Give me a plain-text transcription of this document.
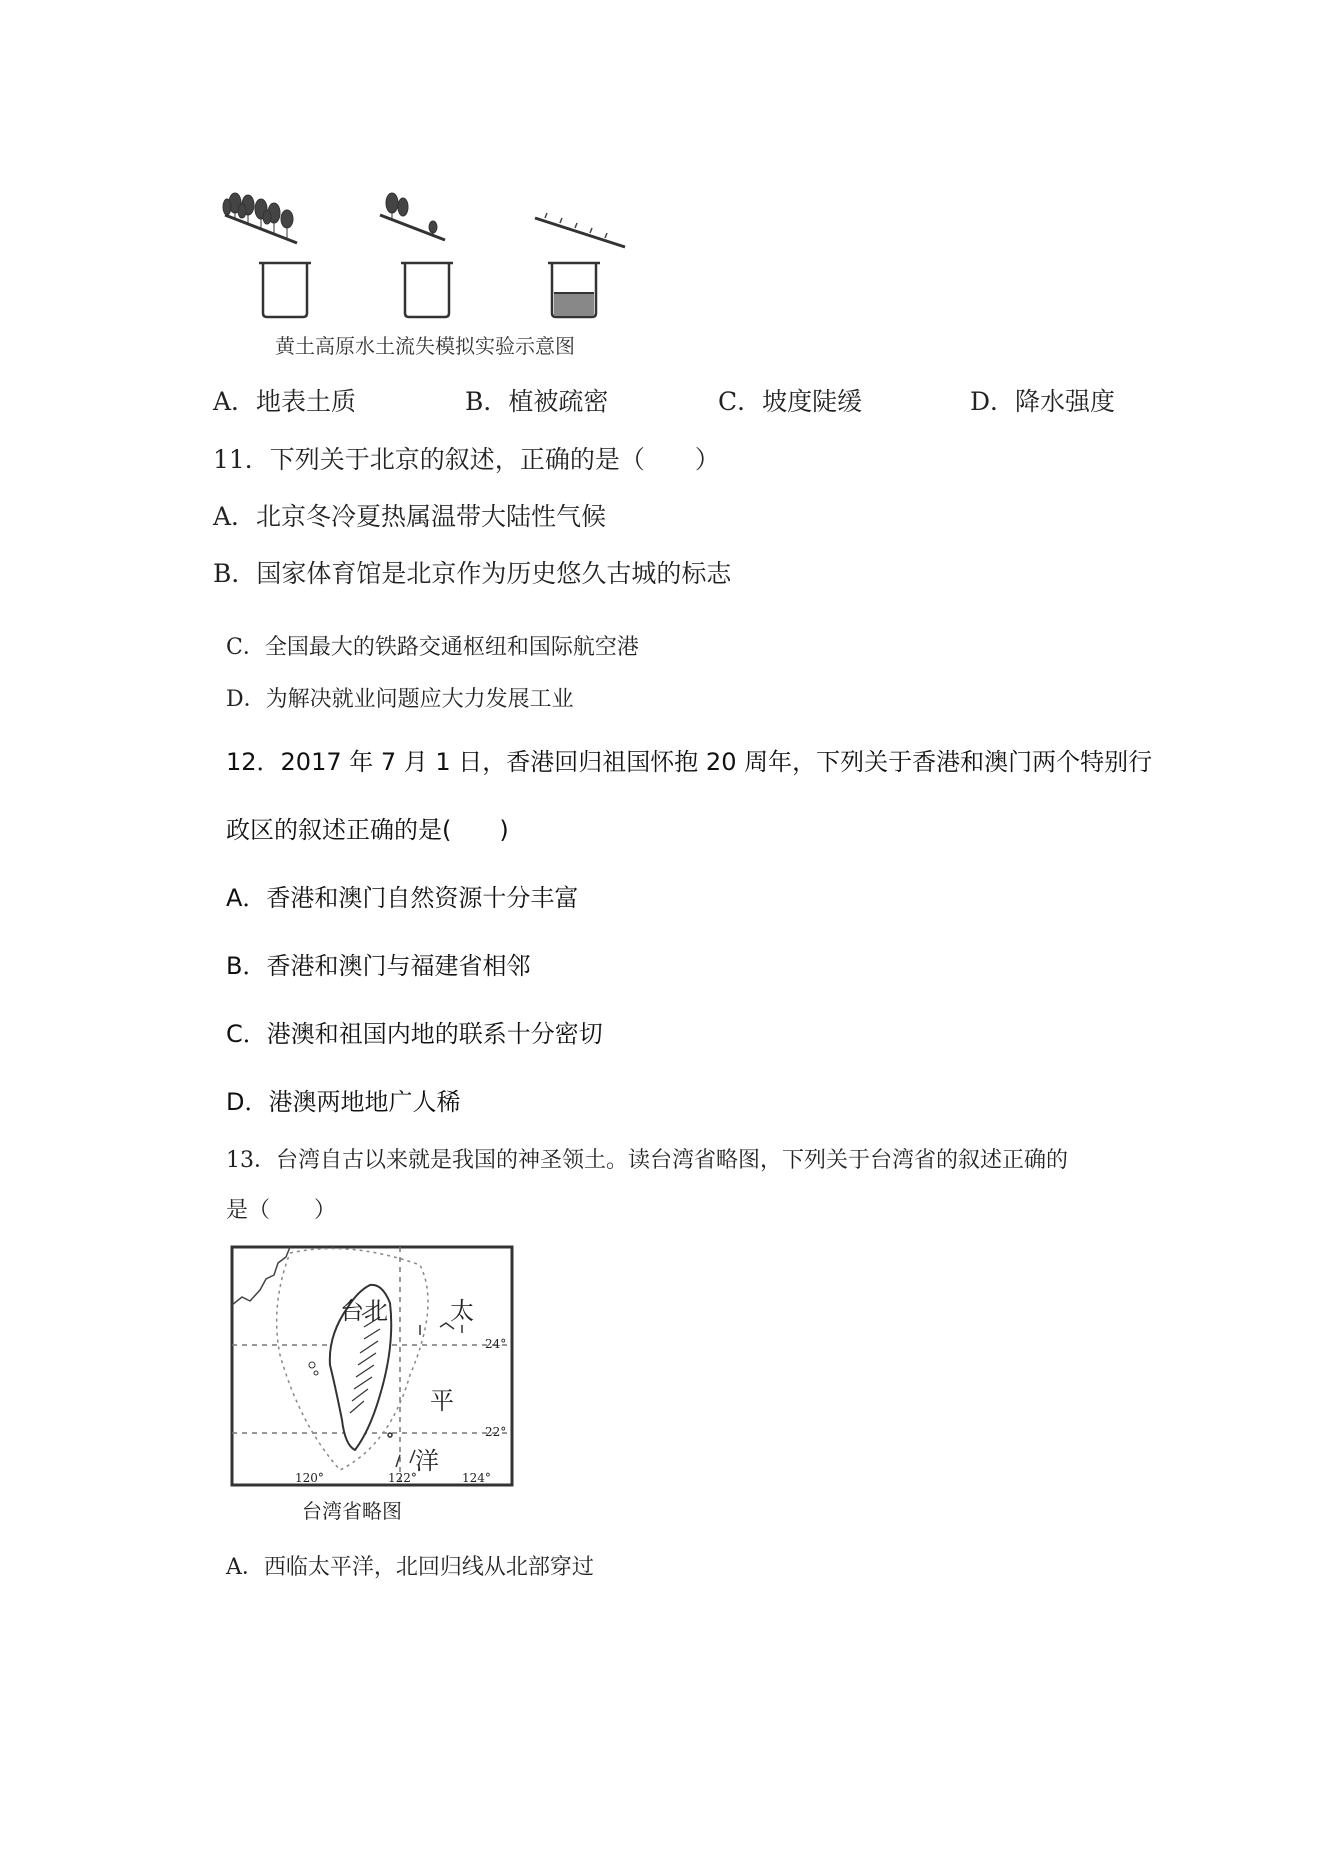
黄土高原水土流失模拟实验示意图
A．地表土质	B．植被疏密	C．坡度陡缓	D．降水强度
11．下列关于北京的叙述，正确的是（　　）
A．北京冬冷夏热属温带大陆性气候
B．国家体育馆是北京作为历史悠久古城的标志
C．全国最大的铁路交通枢纽和国际航空港
D．为解决就业问题应大力发展工业
12．2017 年 7 月 1 日，香港回归祖国怀抱 20 周年，下列关于香港和澳门两个特别行
政区的叙述正确的是(　　)
A．香港和澳门自然资源十分丰富
B．香港和澳门与福建省相邻
C．港澳和祖国内地的联系十分密切
D．港澳两地地广人稀
13．台湾自古以来就是我国的神圣领土。读台湾省略图，下列关于台湾省的叙述正确的
是（　　）
台北	太
平
洋
24°
22°
120°	122°	124°
台湾省略图
A．西临太平洋，北回归线从北部穿过
